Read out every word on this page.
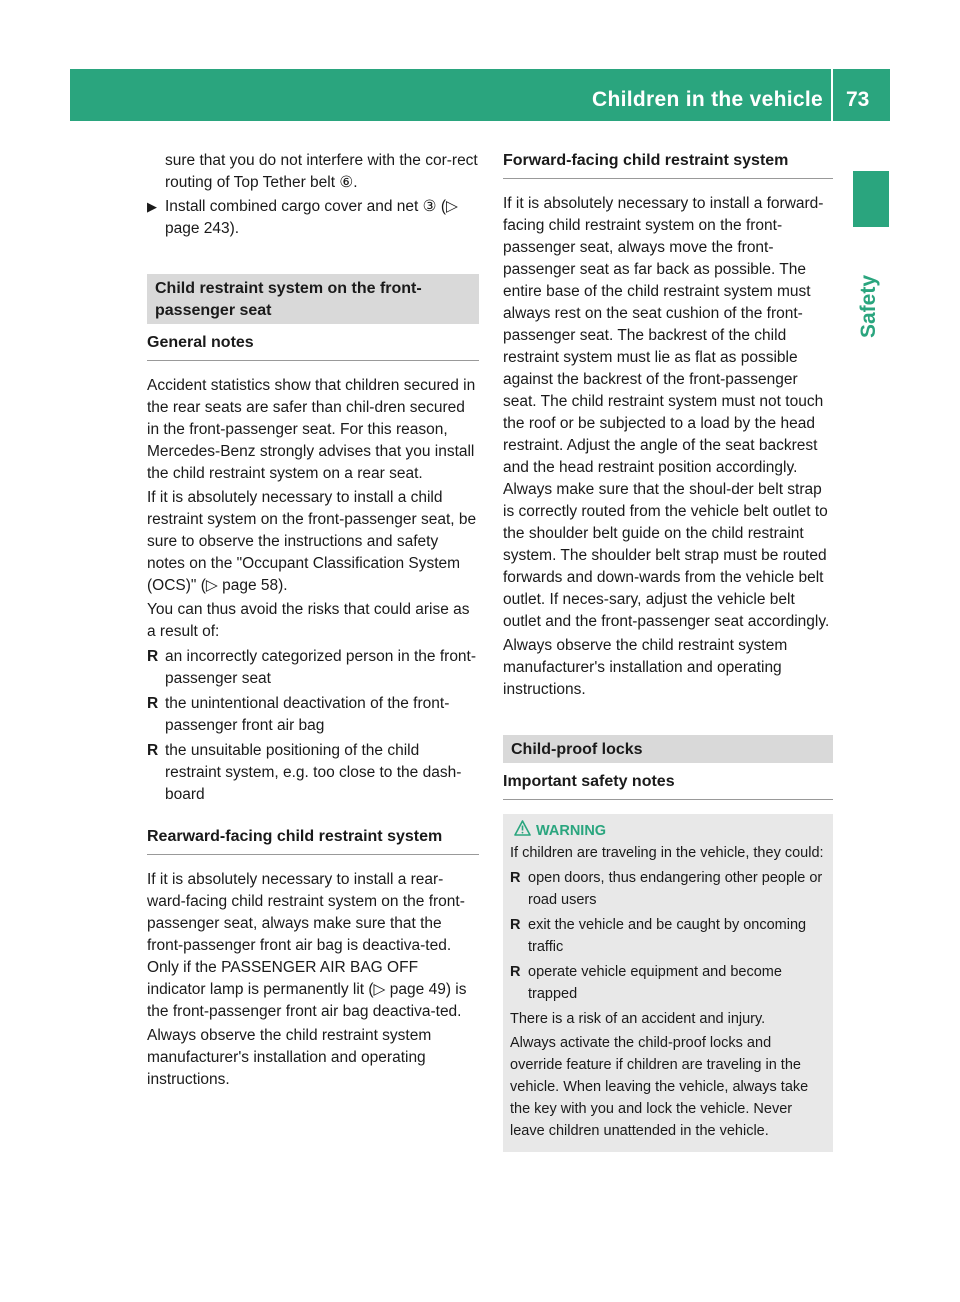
Children in the vehicle 73
Safety

sure that you do not interfere with the cor-rect routing of Top Tether belt ⑥.

▶ Install combined cargo cover and net ③ (▷ page 243).
Child restraint system on the front-passenger seat
General notes

Accident statistics show that children secured in the rear seats are safer than chil-dren secured in the front-passenger seat. For this reason, Mercedes-Benz strongly advises that you install the child restraint system on a rear seat.

If it is absolutely necessary to install a child restraint system on the front-passenger seat, be sure to observe the instructions and safety notes on the "Occupant Classification System (OCS)" (▷ page 58).

You can thus avoid the risks that could arise as a result of:

R an incorrectly categorized person in the front-passenger seat
R the unintentional deactivation of the front-passenger front air bag
R the unsuitable positioning of the child restraint system, e.g. too close to the dash-board
Rearward-facing child restraint system

If it is absolutely necessary to install a rear-ward-facing child restraint system on the front-passenger seat, always make sure that the front-passenger front air bag is deactiva-ted. Only if the PASSENGER AIR BAG OFF indicator lamp is permanently lit (▷ page 49) is the front-passenger front air bag deactiva-ted.

Always observe the child restraint system manufacturer's installation and operating instructions.

Forward-facing child restraint system

If it is absolutely necessary to install a forward-facing child restraint system on the front-passenger seat, always move the front-passenger seat as far back as possible. The entire base of the child restraint system must always rest on the seat cushion of the front-passenger seat. The backrest of the child restraint system must lie as flat as possible against the backrest of the front-passenger seat. The child restraint system must not touch the roof or be subjected to a load by the head restraint. Adjust the angle of the seat backrest and the head restraint position accordingly. Always make sure that the shoul-der belt strap is correctly routed from the vehicle belt outlet to the shoulder belt guide on the child restraint system. The shoulder belt strap must be routed forwards and down-wards from the vehicle belt outlet. If neces-sary, adjust the vehicle belt outlet and the front-passenger seat accordingly.

Always observe the child restraint system manufacturer's installation and operating instructions.

Child-proof locks
Important safety notes
WARNING

If children are traveling in the vehicle, they could:

R open doors, thus endangering other people or road users
R exit the vehicle and be caught by oncoming traffic
R operate vehicle equipment and become trapped

There is a risk of an accident and injury.

Always activate the child-proof locks and override feature if children are traveling in the vehicle. When leaving the vehicle, always take the key with you and lock the vehicle. Never leave children unattended in the vehicle.
